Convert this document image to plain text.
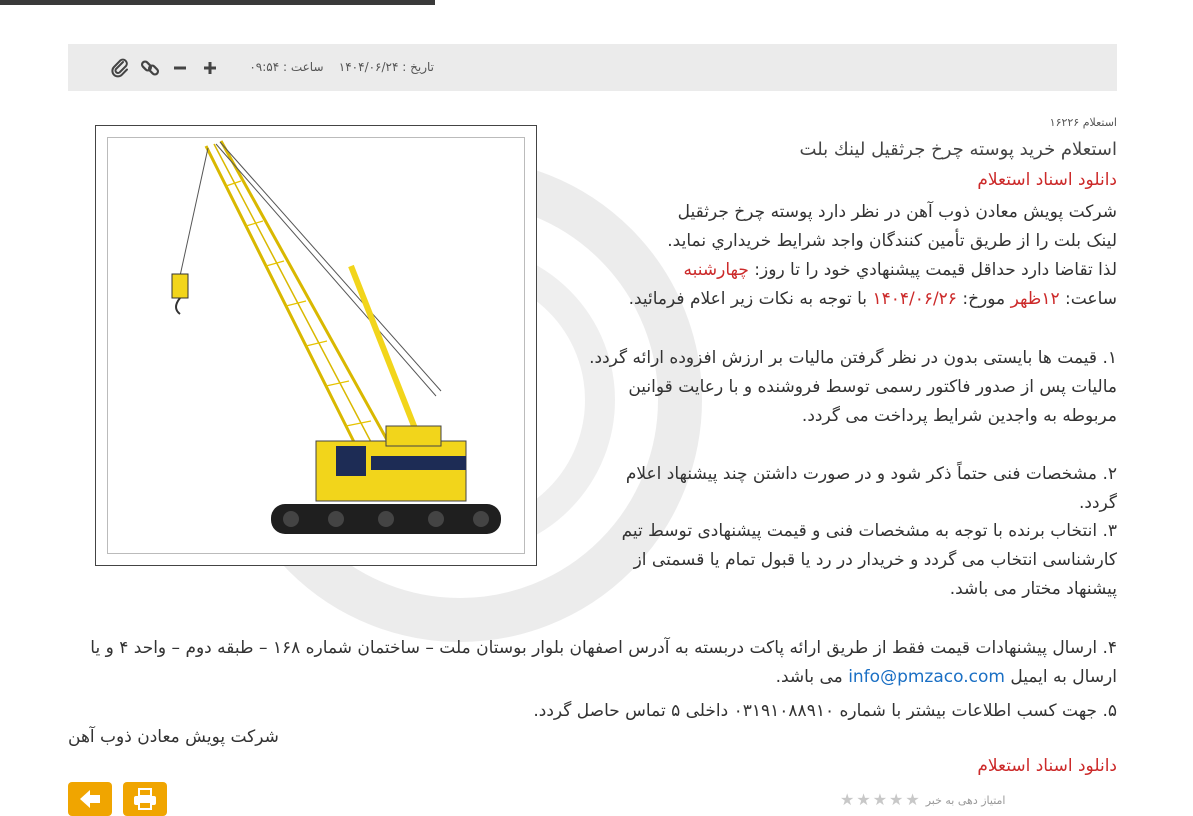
تاریخ : ۱۴۰۴/۰۶/۲۴    ساعت : ۰۹:۵۴
استعلام ۱۶۲۲۶
استعلام خرید پوسته چرخ جرثقیل لینك بلت
دانلود اسناد استعلام
شرکت پویش معادن ذوب آهن در نظر دارد پوسته چرخ جرثقیل
لینک بلت را از طریق تأمین کنندگان واجد شرایط خریداري نماید.
لذا تقاضا دارد حداقل قیمت پیشنهادي خود را تا روز: چهارشنبه
ساعت: ۱۲ظهر مورخ: ۱۴۰۴/۰۶/۲۶ با توجه به نکات زیر اعلام فرمائید.
۱. قیمت ها بایستی بدون در نظر گرفتن مالیات بر ارزش افزوده ارائه گردد. مالیات پس از صدور فاکتور رسمی توسط فروشنده و با رعایت قوانین مربوطه به واجدین شرایط پرداخت می گردد.
۲. مشخصات فنی حتماً ذکر شود و در صورت داشتن چند پیشنهاد اعلام گردد.
۳. انتخاب برنده با توجه به مشخصات فنی و قیمت پیشنهادی توسط تیم کارشناسی انتخاب می گردد و خریدار در رد یا قبول تمام یا قسمتی از پیشنهاد مختار می باشد.
۴. ارسال پیشنهادات قیمت فقط از طریق ارائه پاکت دربسته به آدرس اصفهان بلوار بوستان ملت – ساختمان شماره ۱۶۸ – طبقه دوم – واحد ۴ و یا ارسال به ایمیل info@pmzaco.com می باشد.
۵. جهت کسب اطلاعات بیشتر با شماره ۰۳۱۹۱۰۸۸۹۱۰ داخلی ۵ تماس حاصل گردد.
شرکت پویش معادن ذوب آهن
دانلود اسناد استعلام
امتیاز دهی به خبر
★
★
★
★
★
